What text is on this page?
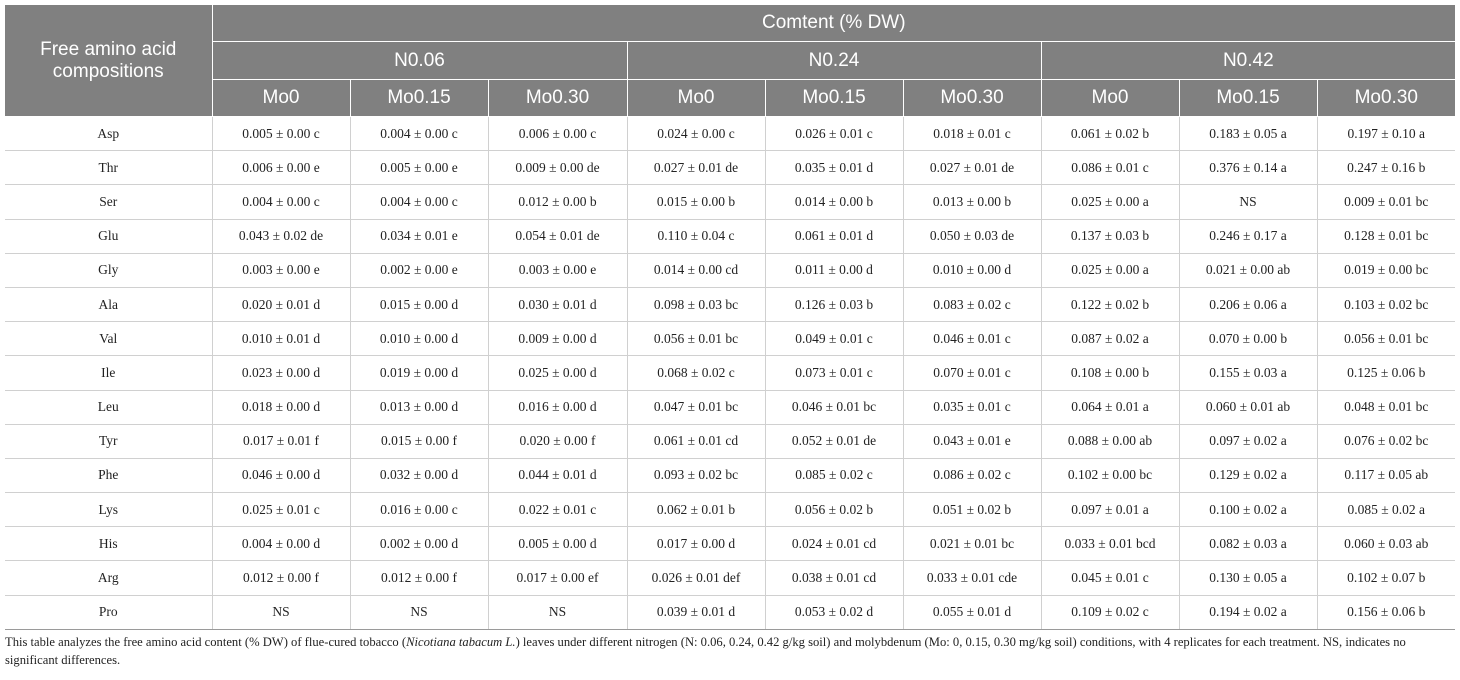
Free amino acid compositions	Comtent (% DW)								
	N0.06			N0.24			N0.42		
	Mo0	Mo0.15	Mo0.30	Mo0	Mo0.15	Mo0.30	Mo0	Mo0.15	Mo0.30
Asp	0.005 ± 0.00 c	0.004 ± 0.00 c	0.006 ± 0.00 c	0.024 ± 0.00 c	0.026 ± 0.01 c	0.018 ± 0.01 c	0.061 ± 0.02 b	0.183 ± 0.05 a	0.197 ± 0.10 a
Thr	0.006 ± 0.00 e	0.005 ± 0.00 e	0.009 ± 0.00 de	0.027 ± 0.01 de	0.035 ± 0.01 d	0.027 ± 0.01 de	0.086 ± 0.01 c	0.376 ± 0.14 a	0.247 ± 0.16 b
Ser	0.004 ± 0.00 c	0.004 ± 0.00 c	0.012 ± 0.00 b	0.015 ± 0.00 b	0.014 ± 0.00 b	0.013 ± 0.00 b	0.025 ± 0.00 a	NS	0.009 ± 0.01 bc
Glu	0.043 ± 0.02 de	0.034 ± 0.01 e	0.054 ± 0.01 de	0.110 ± 0.04 c	0.061 ± 0.01 d	0.050 ± 0.03 de	0.137 ± 0.03 b	0.246 ± 0.17 a	0.128 ± 0.01 bc
Gly	0.003 ± 0.00 e	0.002 ± 0.00 e	0.003 ± 0.00 e	0.014 ± 0.00 cd	0.011 ± 0.00 d	0.010 ± 0.00 d	0.025 ± 0.00 a	0.021 ± 0.00 ab	0.019 ± 0.00 bc
Ala	0.020 ± 0.01 d	0.015 ± 0.00 d	0.030 ± 0.01 d	0.098 ± 0.03 bc	0.126 ± 0.03 b	0.083 ± 0.02 c	0.122 ± 0.02 b	0.206 ± 0.06 a	0.103 ± 0.02 bc
Val	0.010 ± 0.01 d	0.010 ± 0.00 d	0.009 ± 0.00 d	0.056 ± 0.01 bc	0.049 ± 0.01 c	0.046 ± 0.01 c	0.087 ± 0.02 a	0.070 ± 0.00 b	0.056 ± 0.01 bc
Ile	0.023 ± 0.00 d	0.019 ± 0.00 d	0.025 ± 0.00 d	0.068 ± 0.02 c	0.073 ± 0.01 c	0.070 ± 0.01 c	0.108 ± 0.00 b	0.155 ± 0.03 a	0.125 ± 0.06 b
Leu	0.018 ± 0.00 d	0.013 ± 0.00 d	0.016 ± 0.00 d	0.047 ± 0.01 bc	0.046 ± 0.01 bc	0.035 ± 0.01 c	0.064 ± 0.01 a	0.060 ± 0.01 ab	0.048 ± 0.01 bc
Tyr	0.017 ± 0.01 f	0.015 ± 0.00 f	0.020 ± 0.00 f	0.061 ± 0.01 cd	0.052 ± 0.01 de	0.043 ± 0.01 e	0.088 ± 0.00 ab	0.097 ± 0.02 a	0.076 ± 0.02 bc
Phe	0.046 ± 0.00 d	0.032 ± 0.00 d	0.044 ± 0.01 d	0.093 ± 0.02 bc	0.085 ± 0.02 c	0.086 ± 0.02 c	0.102 ± 0.00 bc	0.129 ± 0.02 a	0.117 ± 0.05 ab
Lys	0.025 ± 0.01 c	0.016 ± 0.00 c	0.022 ± 0.01 c	0.062 ± 0.01 b	0.056 ± 0.02 b	0.051 ± 0.02 b	0.097 ± 0.01 a	0.100 ± 0.02 a	0.085 ± 0.02 a
His	0.004 ± 0.00 d	0.002 ± 0.00 d	0.005 ± 0.00 d	0.017 ± 0.00 d	0.024 ± 0.01 cd	0.021 ± 0.01 bc	0.033 ± 0.01 bcd	0.082 ± 0.03 a	0.060 ± 0.03 ab
Arg	0.012 ± 0.00 f	0.012 ± 0.00 f	0.017 ± 0.00 ef	0.026 ± 0.01 def	0.038 ± 0.01 cd	0.033 ± 0.01 cde	0.045 ± 0.01 c	0.130 ± 0.05 a	0.102 ± 0.07 b
Pro	NS	NS	NS	0.039 ± 0.01 d	0.053 ± 0.02 d	0.055 ± 0.01 d	0.109 ± 0.02 c	0.194 ± 0.02 a	0.156 ± 0.06 b
This table analyzes the free amino acid content (% DW) of flue-cured tobacco (Nicotiana tabacum L.) leaves under different nitrogen (N: 0.06, 0.24, 0.42 g/kg soil) and molybdenum (Mo: 0, 0.15, 0.30 mg/kg soil) conditions, with 4 replicates for each treatment. NS, indicates no significant differences.
